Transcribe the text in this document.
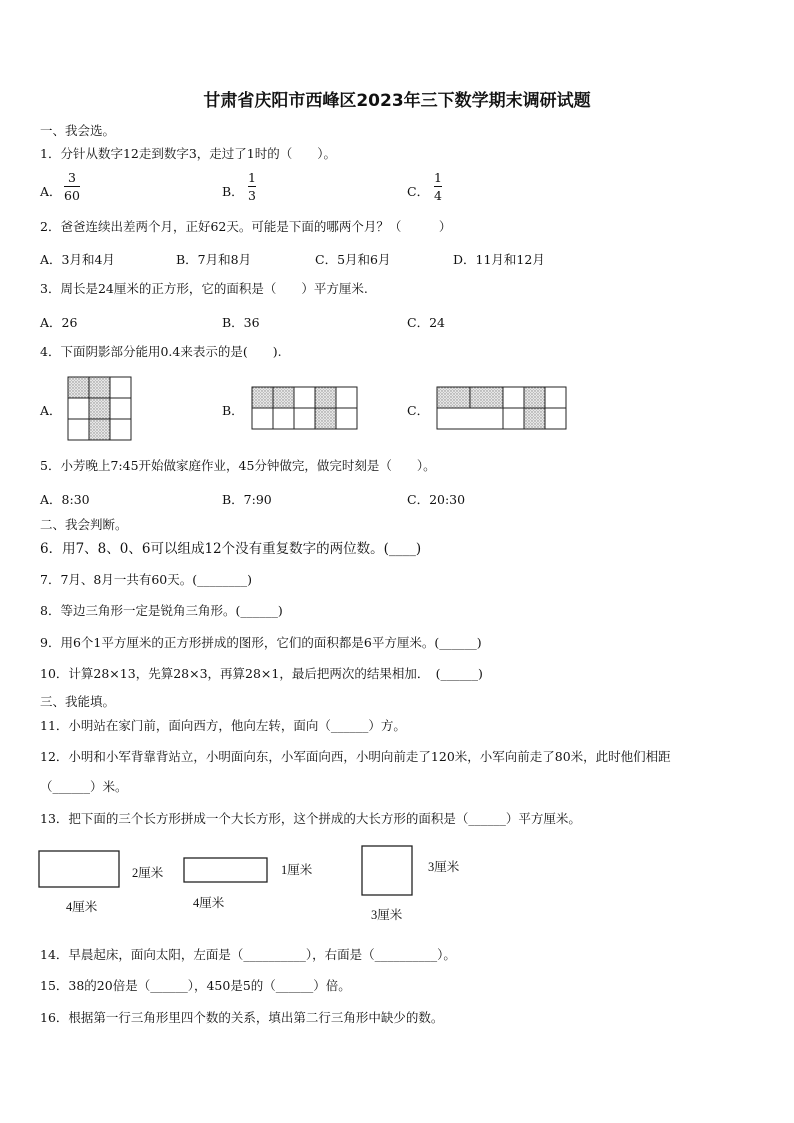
甘肃省庆阳市西峰区2023年三下数学期末调研试题
一、我会选。
1．分针从数字12走到数字3，走过了1时的（　　）。
A．
3
60	B．
1
3	C．
1
4
2．爸爸连续出差两个月，正好62天。可能是下面的哪两个月？（　　　）
A．3月和4月	B．7月和8月	C．5月和6月	D．11月和12月
3．周长是24厘米的正方形，它的面积是（　　）平方厘米.
A．26	B．36	C．24
4．下面阴影部分能用0.4来表示的是(　　).
A．	B．	C．
5．小芳晚上7:45开始做家庭作业，45分钟做完，做完时刻是（　　）。
A．8:30	B．7:90	C．20:30
二、我会判断。
6．用7、8、0、6可以组成12个没有重复数字的两位数。(____)
7．7月、8月一共有60天。(________)
8．等边三角形一定是锐角三角形。(______)
9．用6个1平方厘米的正方形拼成的图形，它们的面积都是6平方厘米。(______)
10．计算28×13，先算28×3，再算28×1，最后把两次的结果相加．　(______)
三、我能填。
11．小明站在家门前，面向西方，他向左转，面向（______）方。
12．小明和小军背靠背站立，小明面向东，小军面向西，小明向前走了120米，小军向前走了80米，此时他们相距
（______）米。
13．把下面的三个长方形拼成一个大长方形，这个拼成的大长方形的面积是（______）平方厘米。
2厘米
4厘米
1厘米
4厘米
3厘米
3厘米
14．早晨起床，面向太阳，左面是（__________），右面是（__________）。
15．38的20倍是（______），450是5的（______）倍。
16．根据第一行三角形里四个数的关系，填出第二行三角形中缺少的数。
